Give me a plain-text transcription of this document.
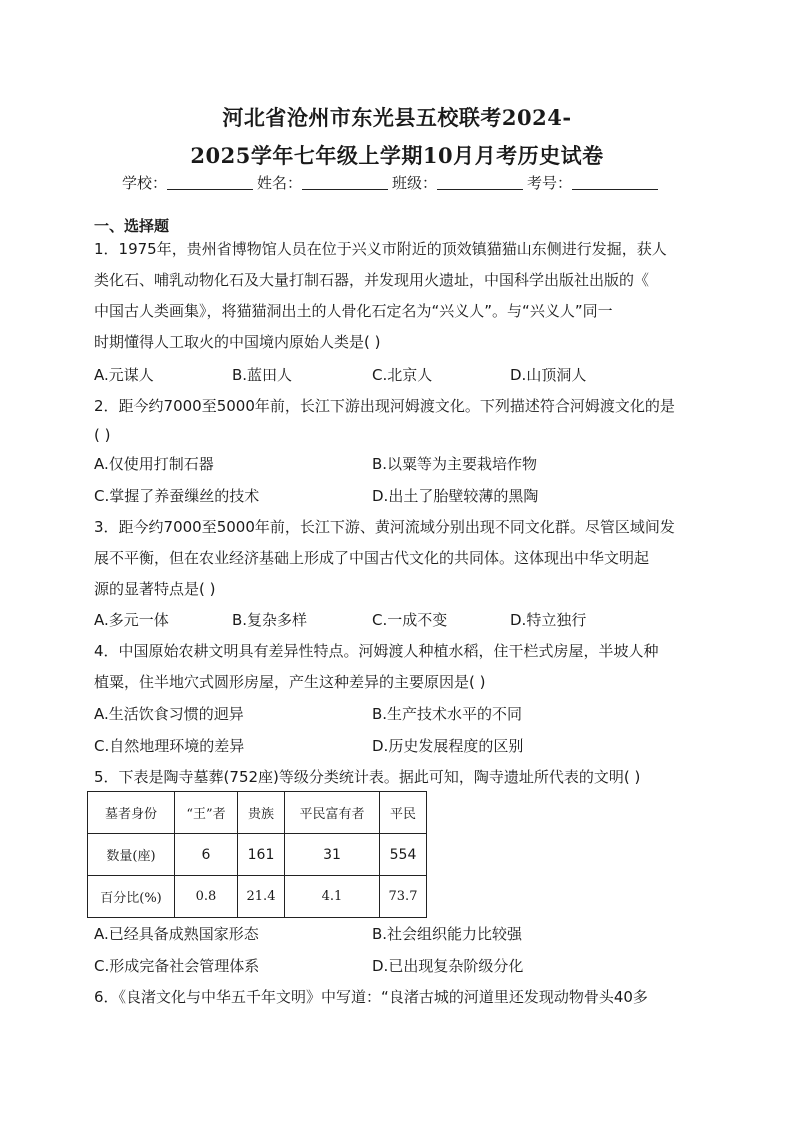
河北省沧州市东光县五校联考2024-
2025学年七年级上学期10月月考历史试卷
学校：	姓名：	班级：	考号：
一、选择题
1．1975年，贵州省博物馆人员在位于兴义市附近的顶效镇猫猫山东侧进行发掘，获人
类化石、哺乳动物化石及大量打制石器，并发现用火遗址，中国科学出版社出版的《
中国古人类画集》，将猫猫洞出土的人骨化石定名为“兴义人”。与“兴义人”同一
时期懂得人工取火的中国境内原始人类是( )
A.元谋人	B.蓝田人	C.北京人	D.山顶洞人
2．距今约7000至5000年前，长江下游出现河姆渡文化。下列描述符合河姆渡文化的是
( )
A.仅使用打制石器	B.以粟等为主要栽培作物
C.掌握了养蚕缫丝的技术	D.出土了胎壁较薄的黑陶
3．距今约7000至5000年前，长江下游、黄河流域分别出现不同文化群。尽管区域间发
展不平衡，但在农业经济基础上形成了中国古代文化的共同体。这体现出中华文明起
源的显著特点是( )
A.多元一体	B.复杂多样	C.一成不变	D.特立独行
4．中国原始农耕文明具有差异性特点。河姆渡人种植水稻，住干栏式房屋，半坡人种
植粟，住半地穴式圆形房屋，产生这种差异的主要原因是( )
A.生活饮食习惯的迥异	B.生产技术水平的不同
C.自然地理环境的差异	D.历史发展程度的区别
5．下表是陶寺墓葬(752座)等级分类统计表。据此可知，陶寺遗址所代表的文明( )
墓者身份	“王”者	贵族	平民富有者	平民
数量(座)	6	161	31	554
百分比(%)	0.8	21.4	4.1	73.7
A.已经具备成熟国家形态	B.社会组织能力比较强
C.形成完备社会管理体系	D.已出现复杂阶级分化
6．《良渚文化与中华五千年文明》中写道：“良渚古城的河道里还发现动物骨头40多
